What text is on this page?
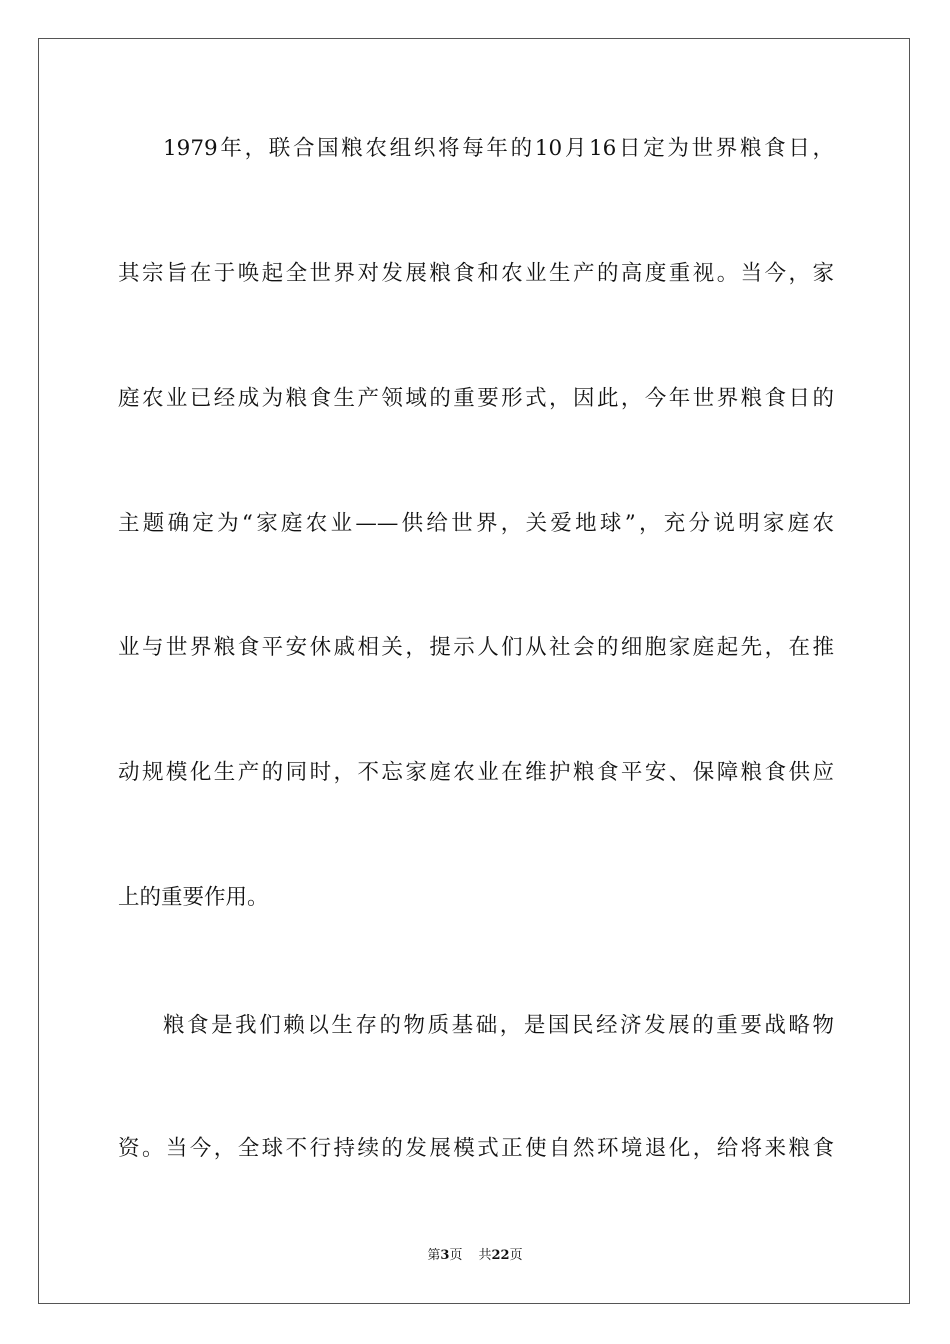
1979年，联合国粮农组织将每年的10月16日定为世界粮食日，
其宗旨在于唤起全世界对发展粮食和农业生产的高度重视。当今，家
庭农业已经成为粮食生产领域的重要形式，因此，今年世界粮食日的
主题确定为“家庭农业——供给世界，关爱地球”，充分说明家庭农
业与世界粮食平安休戚相关，提示人们从社会的细胞家庭起先，在推
动规模化生产的同时，不忘家庭农业在维护粮食平安、保障粮食供应
上的重要作用。
粮食是我们赖以生存的物质基础，是国民经济发展的重要战略物
资。当今，全球不行持续的发展模式正使自然环境退化，给将来粮食
第3页 共22页
